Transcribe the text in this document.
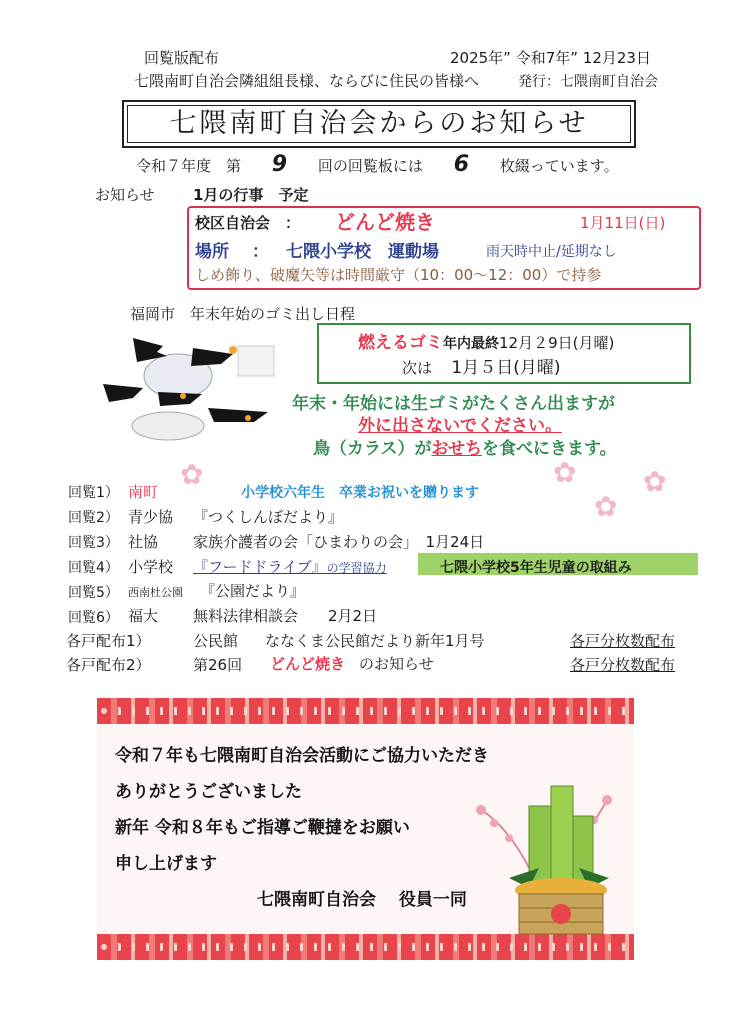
回覧版配布	2025年” 令和7年” 12月23日
七隈南町自治会隣組組長様、ならびに住民の皆様へ	発行：七隈南町自治会
七隈南町自治会からのお知らせ
令和７年度　第 9 回の回覧板には 6 枚綴っています。
お知らせ	1月の行事　予定
校区自治会　： どんど焼き	1月11日(日)
場所　 ： 七隈小学校　運動場	雨天時中止/延期なし
しめ飾り、破魔矢等は時間厳守（10：00～12：00）で持参
福岡市　年末年始のゴミ出し日程
燃えるゴミ年内最終12月２9日(月曜)
次は 1月５日(月曜)
年末・年始には生ゴミがたくさん出ますが
外に出さないでください。
鳥（カラス）がおせちを食べにきます。
✿	✿
✿
✿
回覧1） 南町	小学校六年生　卒業お祝いを贈ります
回覧2） 青少協 『つくしんぼだより』
回覧3） 社協 家族介護者の会「ひまわりの会」　1月24日
回覧4） 小学校 『フードドライブ』の学習協力	七隈小学校5年生児童の取組み
回覧5） 西南杜公園 『公園だより』
回覧6） 福大 無料法律相談会　　2月2日
各戸配布1）	公民館 ななくま公民館だより新年1月号	各戸分枚数配布
各戸配布2）	第26回 どんど焼き のお知らせ	各戸分枚数配布
令和７年も七隈南町自治会活動にご協力いただき
ありがとうございました
新年 令和８年もご指導ご鞭撻をお願い
申し上げます
七隈南町自治会　 役員一同
